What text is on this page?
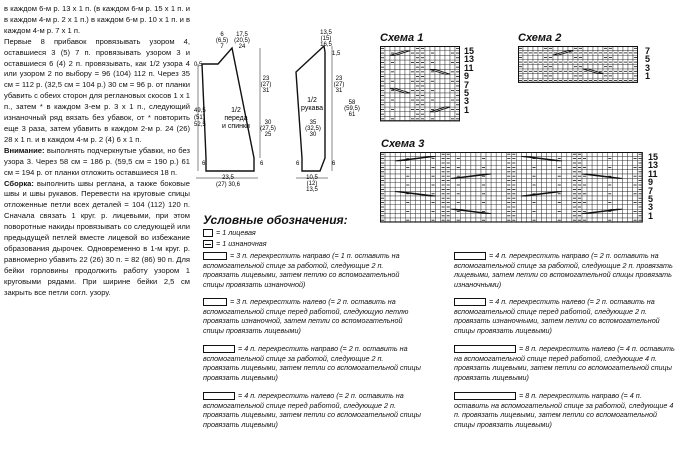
в каждом 6-м р. 13 х 1 п. (в каждом 6-м р. 15 х 1 п. и в каждом 4-м р. 2 х 1 п.) в каждом 6-м р. 10 х 1 п. и в каждом 4-м р. 7 х 1 п.

Первые 8 прибавок провязывать узором 4, оставшиеся 3 (5) 7 п. провязывать узором 3 и оставшиеся 6 (4) 2 п. провязывать, как 1/2 узора 4 или узором 2 по выбору = 96 (104) 112 п. Через 35 см = 112 р. (32,5 см = 104 р.) 30 см = 96 р. от планки убавить с обеих сторон для реглановых скосов 1 х 1 п., затем * в каждом 3-ем р. 3 х 1 п., следующий изнаночный ряд вязать без убавок, от * повторить еще 3 раза, затем убавить в каждом 2-м р. 24 (26) 28 х 1 п. и в каждом 4-м р. 2 (4) 6 х 1 п.

Внимание: выполнять подчеркнутые убавки, но без узора 3. Через 58 см = 186 р. (59,5 см = 190 р.) 61 см = 194 р. от планки отложить оставшиеся 18 п.

Сборка: выполнить швы реглана, а также боковые швы и швы рукавов. Перевести на круговые спицы отложенные петли всех деталей = 104 (112) 120 п. Сначала связать 1 круг. р. лицевыми, при этом поворотные накиды провязывать со следующей или предыдущей петлей вместе лицевой во избежание образования дырочек. Одновременно в 1-м круг. р. равномерно убавить 22 (26) 30 п. = 82 (86) 90 п. Для бейки горловины продолжить работу узором 1 круговыми рядами. При ширине бейки 2,5 см закрыть все петли согл. узору.

6
(6,5)
7
17,5
(20,5)
24
0,5
23
(27)
31
49,5
(51)
52,5	30
(27,5)
25
1/2
переда
и спинки
6
23,5
(27) 30,6
6
13,5
(15)
16,5
1,5
23
(27)
31
1/2
рукава
35
(32,5)
30
58
(59,5)
61
6
10,5
(12)
13,5
6
Схема 1	Схема 2
Схема 3
15
13
11
9
7
5
3
1
7
5
3
1
15
13
11
9
7
5
3
1
Условные обозначения:
= 1 лицевая
= 1 изнаночная
= 3 п. перекрестить направо (= 1 п. оставить на вспомогательной спице за работой, следующие 2 п. провязать лицевыми, затем петлю со вспомогательной спицы провязать изнаночной)
= 3 п. перекрестить налево (= 2 п. оставить на вспомогательной спице перед работой, следующую петлю провязать изнаночной, затем петли со вспомогательной спицы провязать лицевыми)
= 4 п. перекрестить направо (= 2 п. оставить на вспомогательной спице за работой, следующие 2 п. провязать лицевыми, затем петли со вспомогательной спицы провязать лицевыми)
= 4 п. перекрестить налево (= 2 п. оставить на вспомогательной спице перед работой, следующие 2 п. провязать лицевыми, затем петли со вспомогательной спицы провязать лицевыми)
= 4 п. перекрестить направо (= 2 п. оставить на вспомогательной спице за работой, следующие 2 п. провязать лицевыми, затем петли со вспомогательной спицы провязать изнаночными)
= 4 п. перекрестить налево (= 2 п. оставить на вспомогательной спице перед работой, следующие 2 п. провязать изнаночными, затем петли со вспомогательной спицы провязать лицевыми)
= 8 п. перекрестить налево (= 4 п. оставить на вспомогательной спице перед работой, следующие 4 п. провязать лицевыми, затем петли со вспомогательной спицы провязать лицевыми)
= 8 п. перекрестить направо (= 4 п. оставить на вспомогательной спице за работой, следующие 4 п. провязать лицевыми, затем петли со вспомогательной спицы провязать лицевыми)
